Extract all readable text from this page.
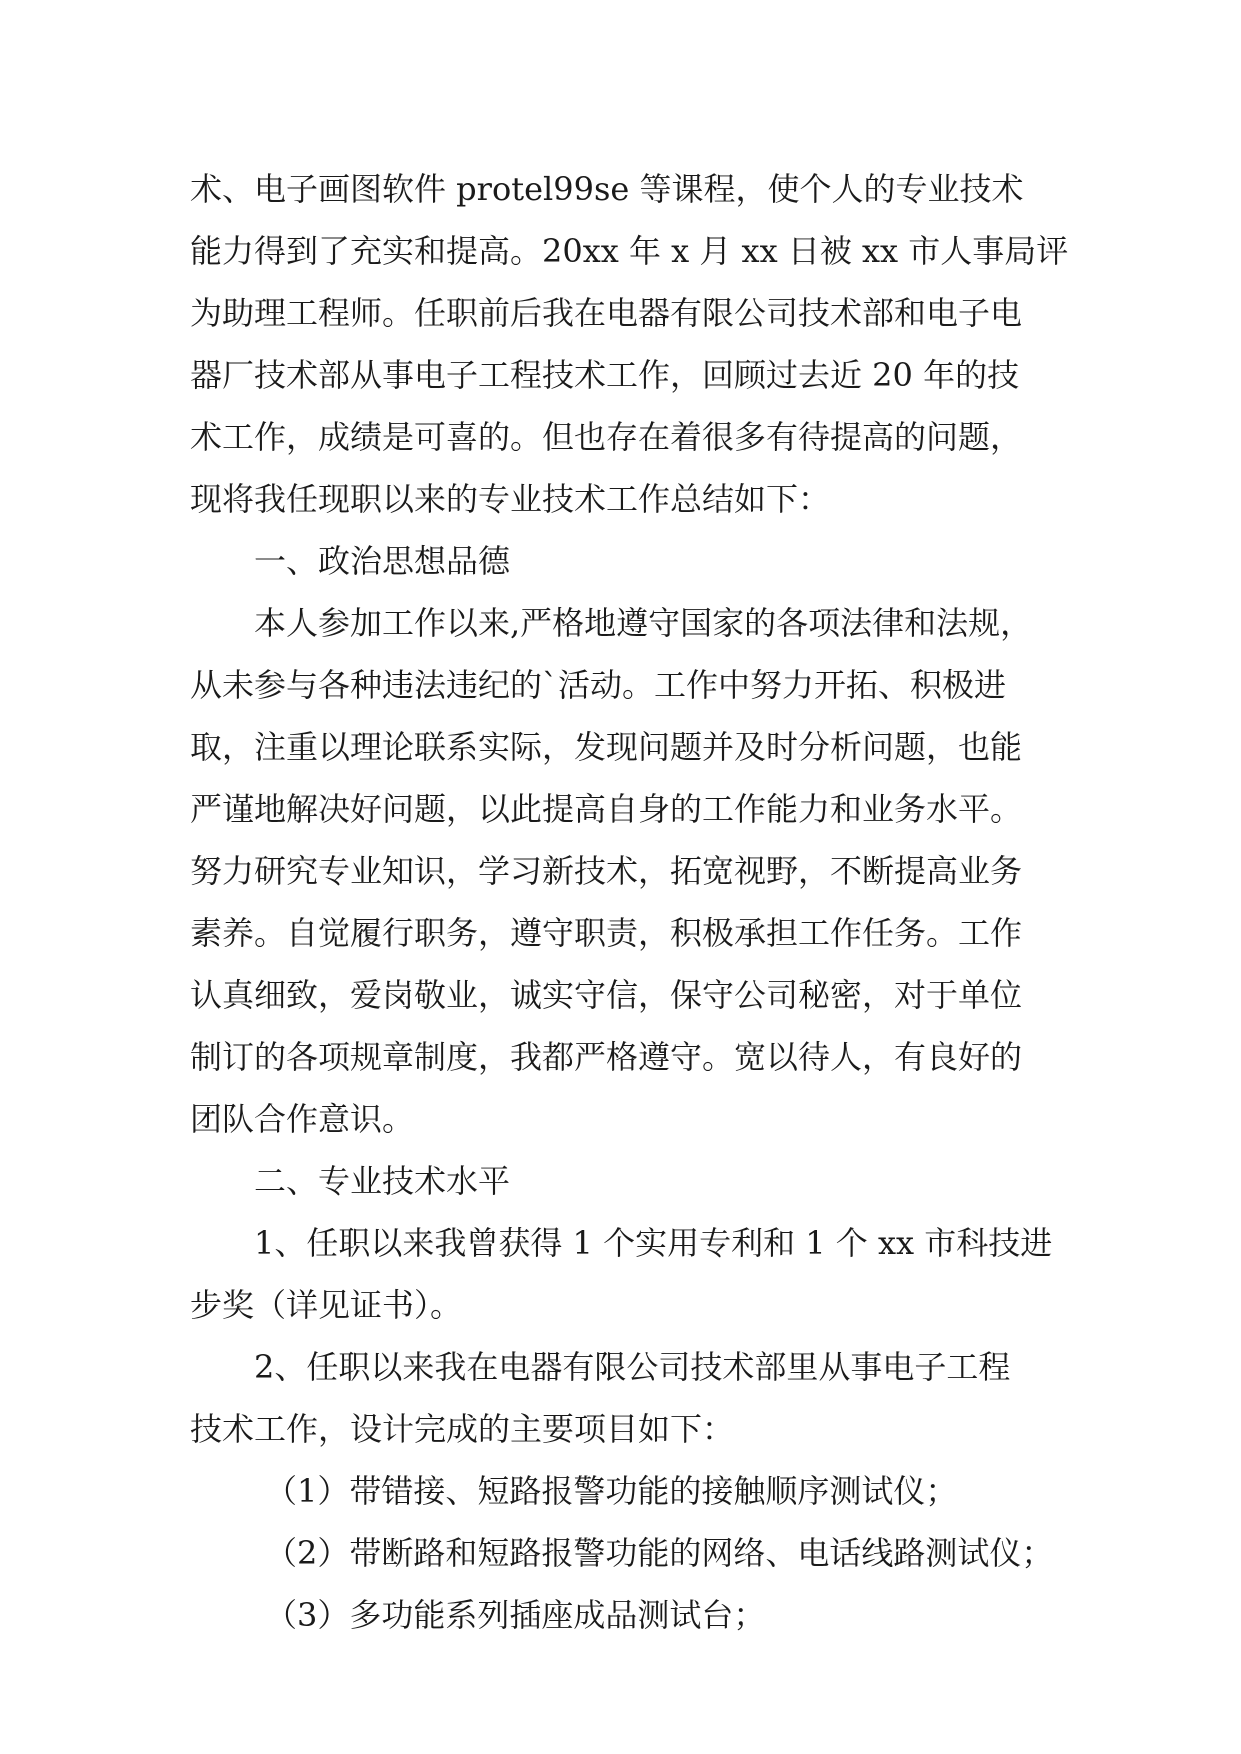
术、电子画图软件 protel99se 等课程，使个人的专业技术
能力得到了充实和提高。20xx 年 x 月 xx 日被 xx 市人事局评
为助理工程师。任职前后我在电器有限公司技术部和电子电
器厂技术部从事电子工程技术工作，回顾过去近 20 年的技
术工作，成绩是可喜的。但也存在着很多有待提高的问题，
现将我任现职以来的专业技术工作总结如下：
一、政治思想品德
本人参加工作以来,严格地遵守国家的各项法律和法规，
从未参与各种违法违纪的`活动。工作中努力开拓、积极进
取，注重以理论联系实际，发现问题并及时分析问题，也能
严谨地解决好问题，以此提高自身的工作能力和业务水平。
努力研究专业知识，学习新技术，拓宽视野，不断提高业务
素养。自觉履行职务，遵守职责，积极承担工作任务。工作
认真细致，爱岗敬业，诚实守信，保守公司秘密，对于单位
制订的各项规章制度，我都严格遵守。宽以待人，有良好的
团队合作意识。
二、专业技术水平
1、任职以来我曾获得 1 个实用专利和 1 个 xx 市科技进
步奖（详见证书）。
2、任职以来我在电器有限公司技术部里从事电子工程
技术工作，设计完成的主要项目如下：
（1）带错接、短路报警功能的接触顺序测试仪；
（2）带断路和短路报警功能的网络、电话线路测试仪；
（3）多功能系列插座成品测试台；
